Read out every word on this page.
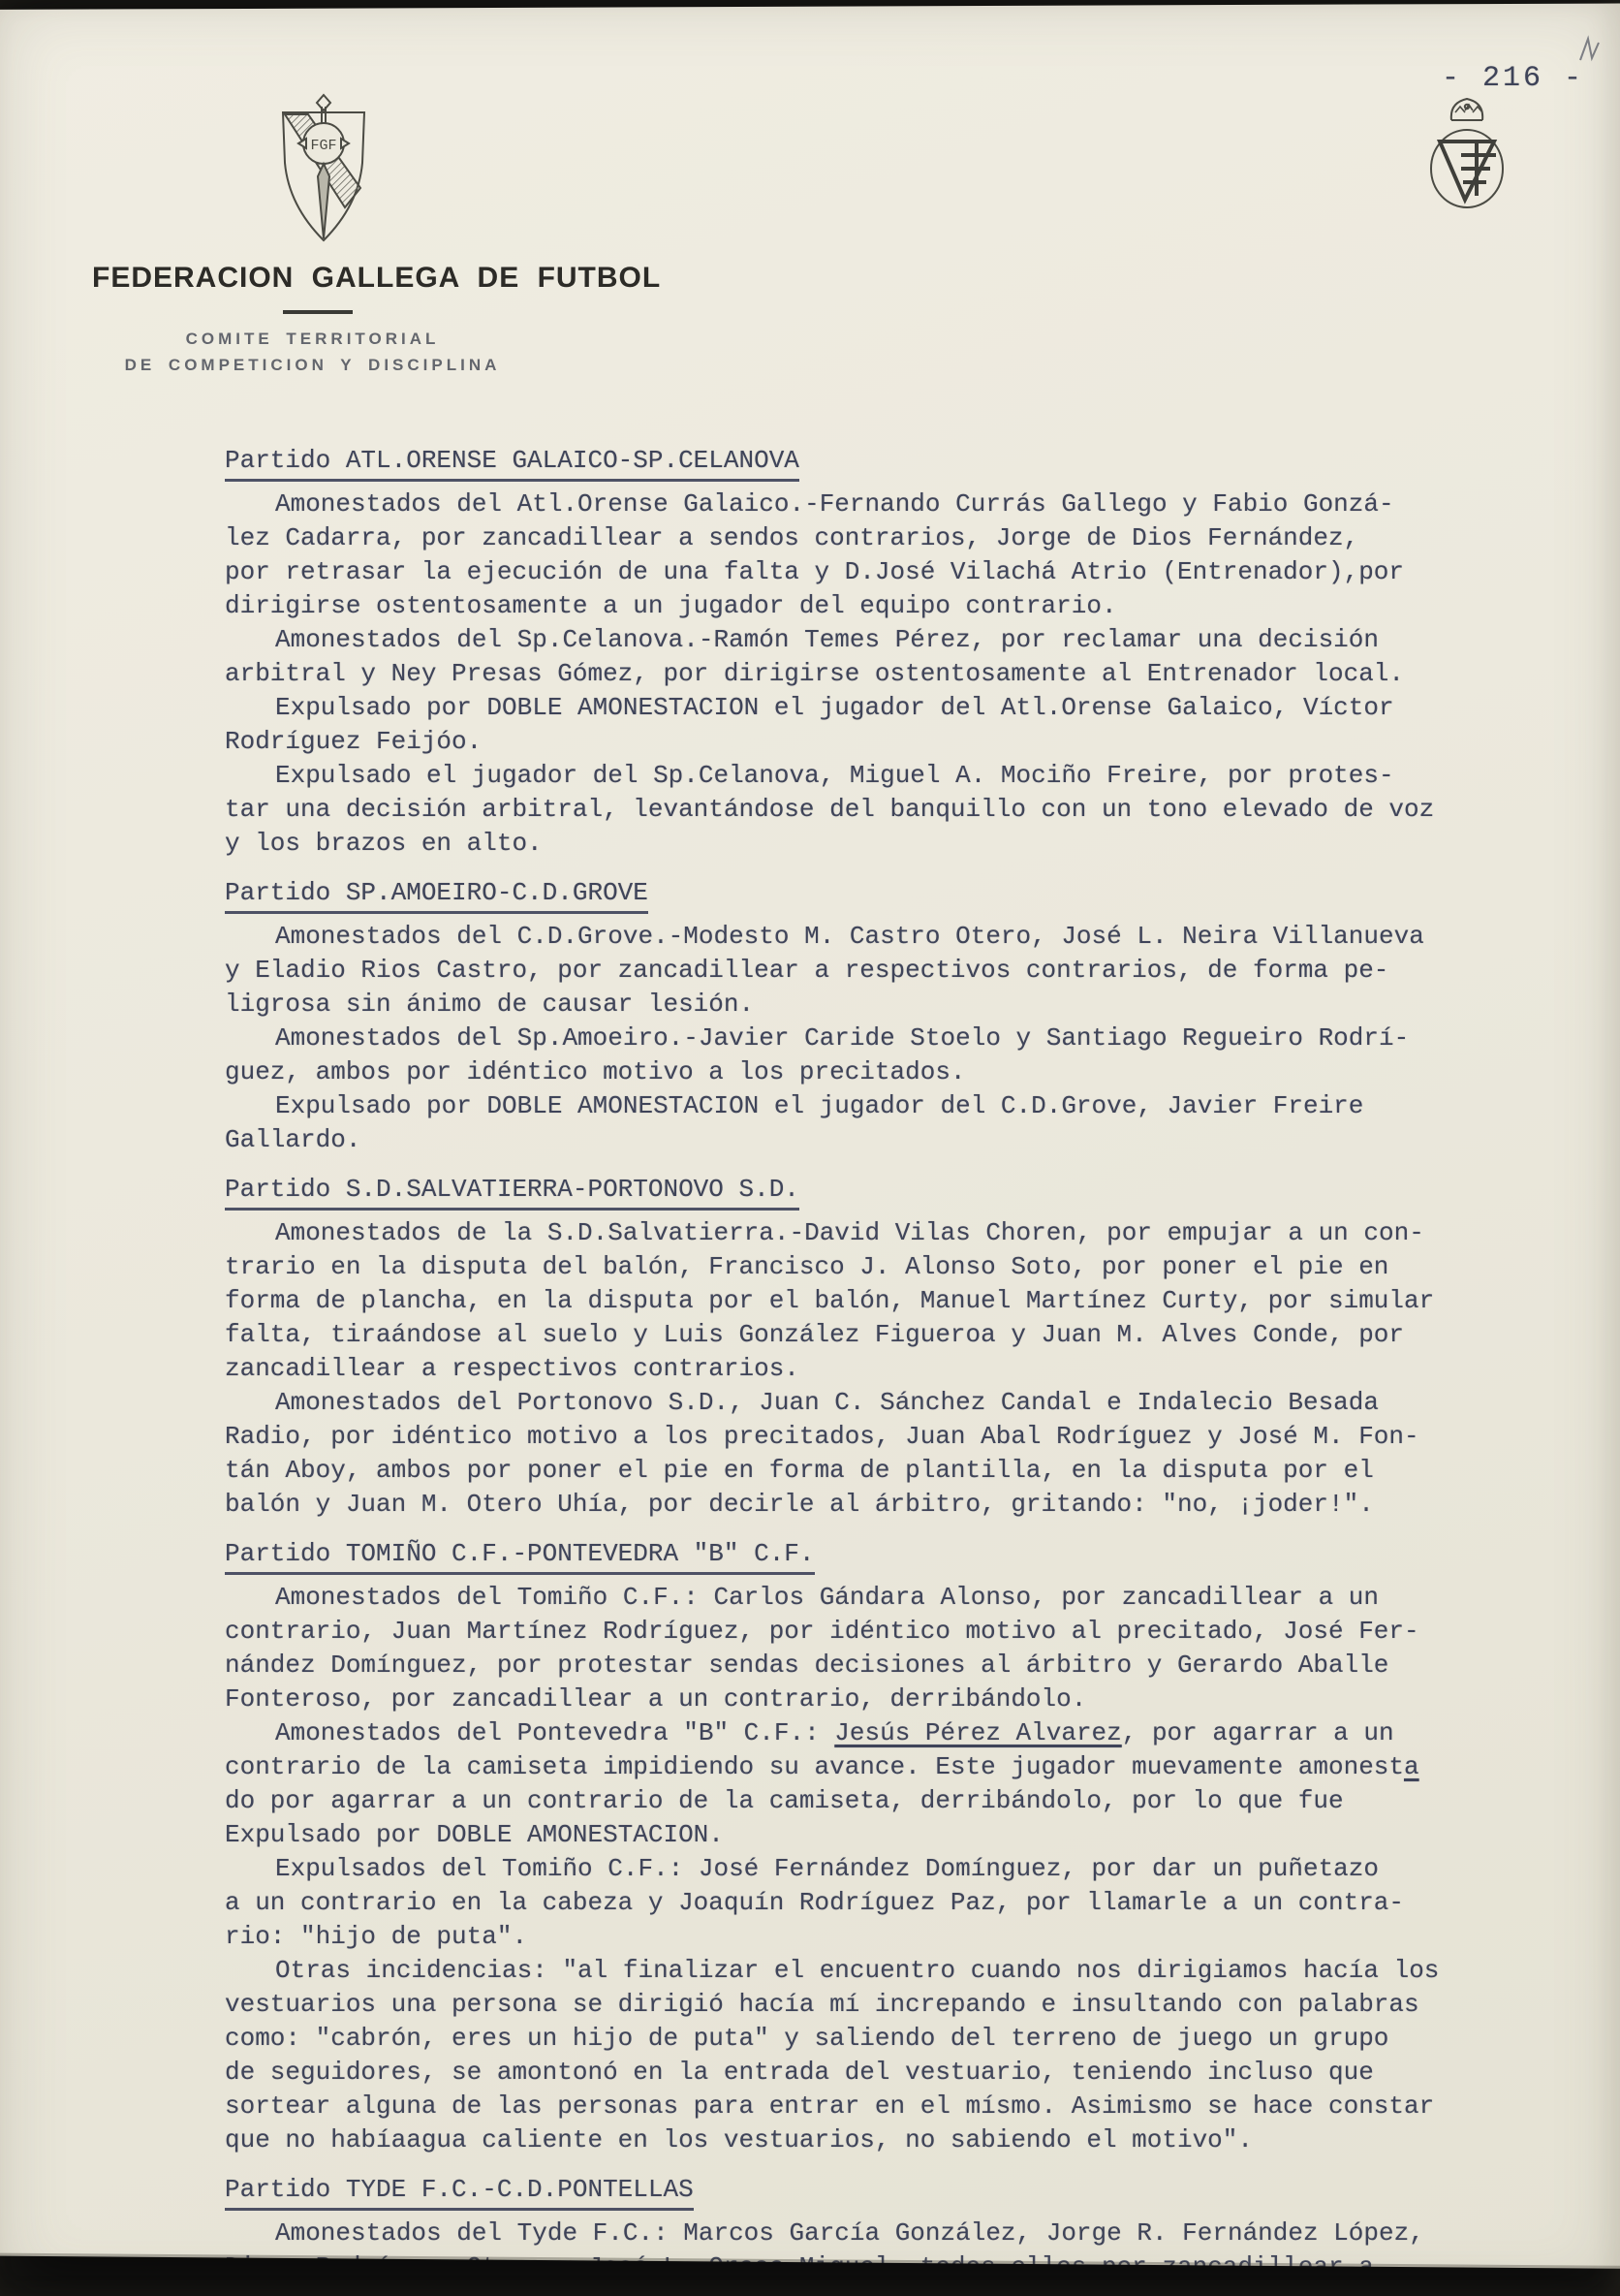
- 216 -
FGF
FEDERACION GALLEGA DE FUTBOL
COMITE TERRITORIAL
DE COMPETICION Y DISCIPLINA
Partido ATL.ORENSE GALAICO-SP.CELANOVA
Amonestados del Atl.Orense Galaico.-Fernando Currás Gallego y Fabio Gonzá-
lez Cadarra, por zancadillear a sendos contrarios, Jorge de Dios Fernández,
por retrasar la ejecución de una falta y D.José Vilachá Atrio (Entrenador),por
dirigirse ostentosamente a un jugador del equipo contrario.
Amonestados del Sp.Celanova.-Ramón Temes Pérez, por reclamar una decisión
arbitral y Ney Presas Gómez, por dirigirse ostentosamente al Entrenador local.
Expulsado por DOBLE AMONESTACION el jugador del Atl.Orense Galaico, Víctor
Rodríguez Feijóo.
Expulsado el jugador del Sp.Celanova, Miguel A. Mociño Freire, por protes-
tar una decisión arbitral, levantándose del banquillo con un tono elevado de voz
y los brazos en alto.
Partido SP.AMOEIRO-C.D.GROVE
Amonestados del C.D.Grove.-Modesto M. Castro Otero, José L. Neira Villanueva
y Eladio Rios Castro, por zancadillear a respectivos contrarios, de forma pe-
ligrosa sin ánimo de causar lesión.
Amonestados del Sp.Amoeiro.-Javier Caride Stoelo y Santiago Regueiro Rodrí-
guez, ambos por idéntico motivo a los precitados.
Expulsado por DOBLE AMONESTACION el jugador del C.D.Grove, Javier Freire
Gallardo.
Partido S.D.SALVATIERRA-PORTONOVO S.D.
Amonestados de la S.D.Salvatierra.-David Vilas Choren, por empujar a un con-
trario en la disputa del balón, Francisco J. Alonso Soto, por poner el pie en
forma de plancha, en la disputa por el balón, Manuel Martínez Curty, por simular
falta, tiraándose al suelo y Luis González Figueroa y Juan M. Alves Conde, por
zancadillear a respectivos contrarios.
Amonestados del Portonovo S.D., Juan C. Sánchez Candal e Indalecio Besada
Radio, por idéntico motivo a los precitados, Juan Abal Rodríguez y José M. Fon-
tán Aboy, ambos por poner el pie en forma de plantilla, en la disputa por el
balón y Juan M. Otero Uhía, por decirle al árbitro, gritando: "no, ¡joder!".
Partido TOMIÑO C.F.-PONTEVEDRA "B" C.F.
Amonestados del Tomiño C.F.: Carlos Gándara Alonso, por zancadillear a un
contrario, Juan Martínez Rodríguez, por idéntico motivo al precitado, José Fer-
nández Domínguez, por protestar sendas decisiones al árbitro y Gerardo Aballe
Fonteroso, por zancadillear a un contrario, derribándolo.
Amonestados del Pontevedra "B" C.F.: Jesús Pérez Alvarez, por agarrar a un
contrario de la camiseta impidiendo su avance. Este jugador muevamente amonesta
do por agarrar a un contrario de la camiseta, derribándolo, por lo que fue
Expulsado por DOBLE AMONESTACION.
Expulsados del Tomiño C.F.: José Fernández Domínguez, por dar un puñetazo
a un contrario en la cabeza y Joaquín Rodríguez Paz, por llamarle a un contra-
rio: "hijo de puta".
Otras incidencias: "al finalizar el encuentro cuando nos dirigiamos hacía los
vestuarios una persona se dirigió hacía mí increpando e insultando con palabras
como: "cabrón, eres un hijo de puta" y saliendo del terreno de juego un grupo
de seguidores, se amontonó en la entrada del vestuario, teniendo incluso que
sortear alguna de las personas para entrar en el mísmo. Asimismo se hace constar
que no habíaagua caliente en los vestuarios, no sabiendo el motivo".
Partido TYDE F.C.-C.D.PONTELLAS
Amonestados del Tyde F.C.: Marcos García González, Jorge R. Fernández López,
